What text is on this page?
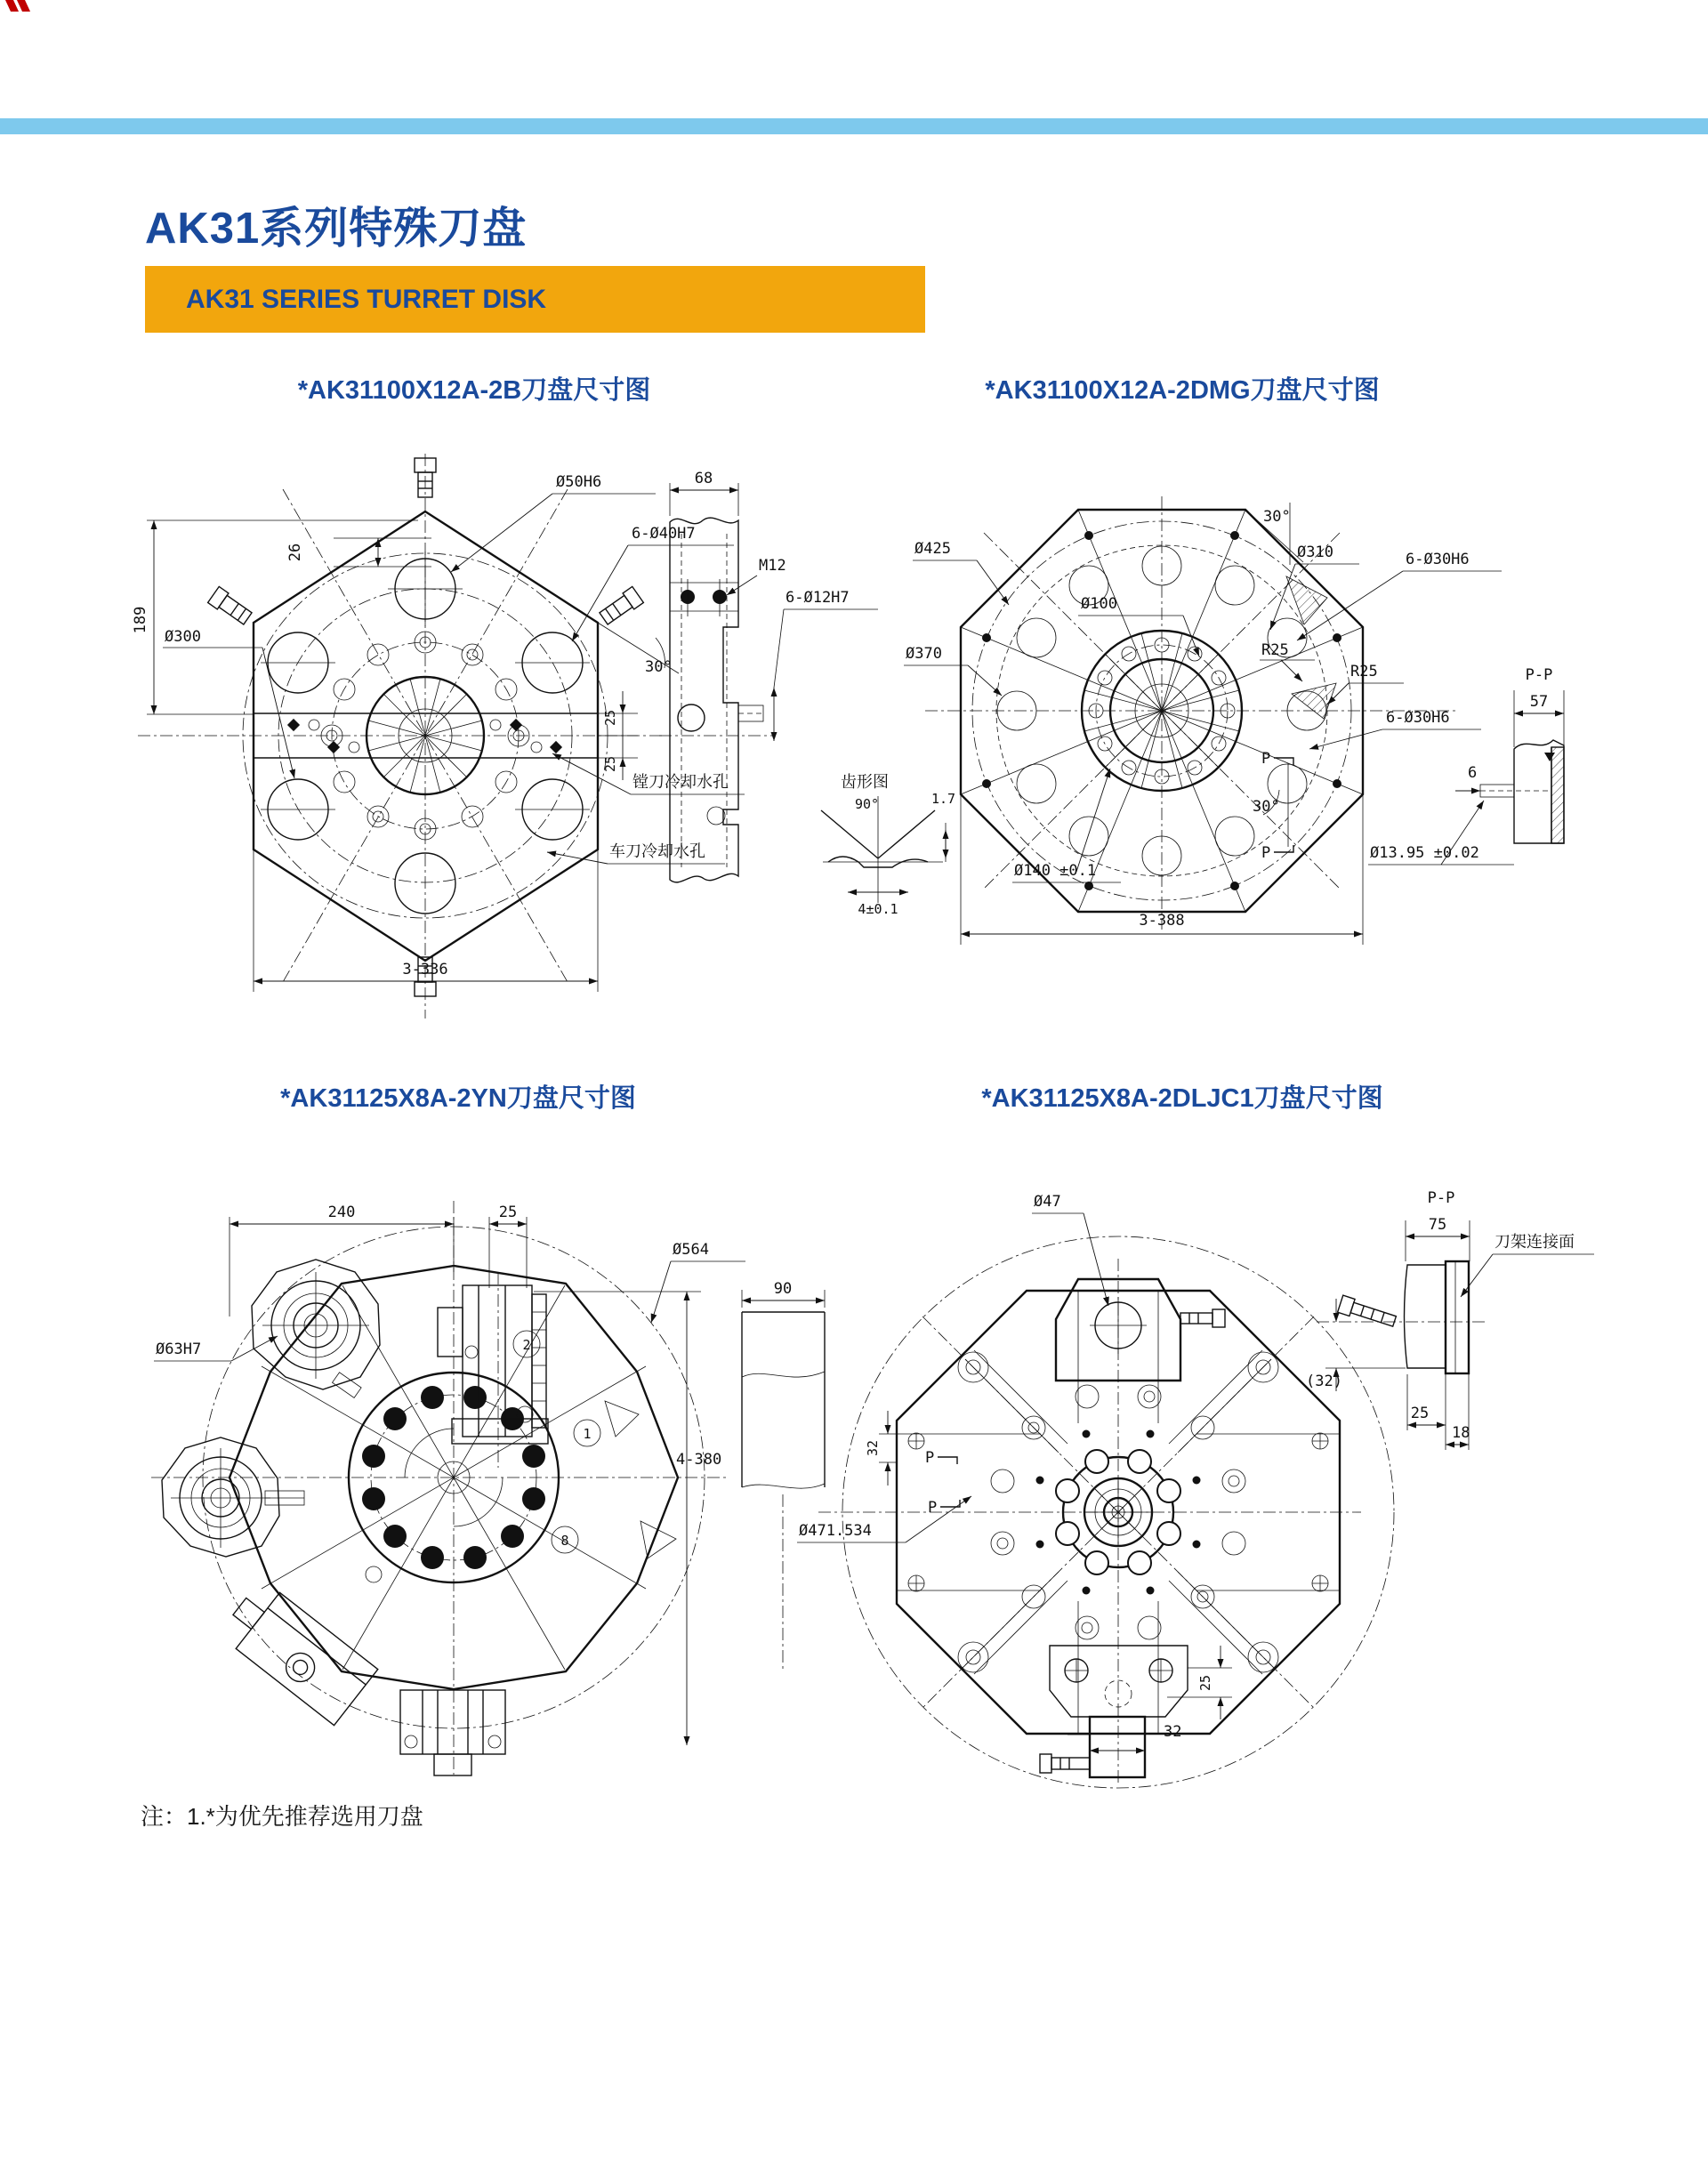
AK31系列特殊刀盘
AK31 SERIES TURRET DISK
*AK31100X12A-2B刀盘尺寸图	*AK31100X12A-2DMG刀盘尺寸图
*AK31125X8A-2YN刀盘尺寸图	*AK31125X8A-2DLJC1刀盘尺寸图
189
Ø300
26
Ø50H6
6-Ø40H7
30°
25
25
镗刀冷却水孔
车刀冷却水孔
3-336
68
M12
6-Ø12H7
齿形图
90°	1.7
4±0.1
P
P
30°
Ø310	6-Ø30H6
Ø425
Ø100
Ø370	R25
R25
6-Ø30H6
Ø140 ±0.1
30°
3-388
P-P
57
6
Ø13.95 ±0.02
2
1
8
240	25
Ø564
Ø63H7
4-380
90
Ø47
Ø471.534
32
P
P
32
25
P-P
75
(32)
25
18
刀架连接面
注：1.*为优先推荐选用刀盘
